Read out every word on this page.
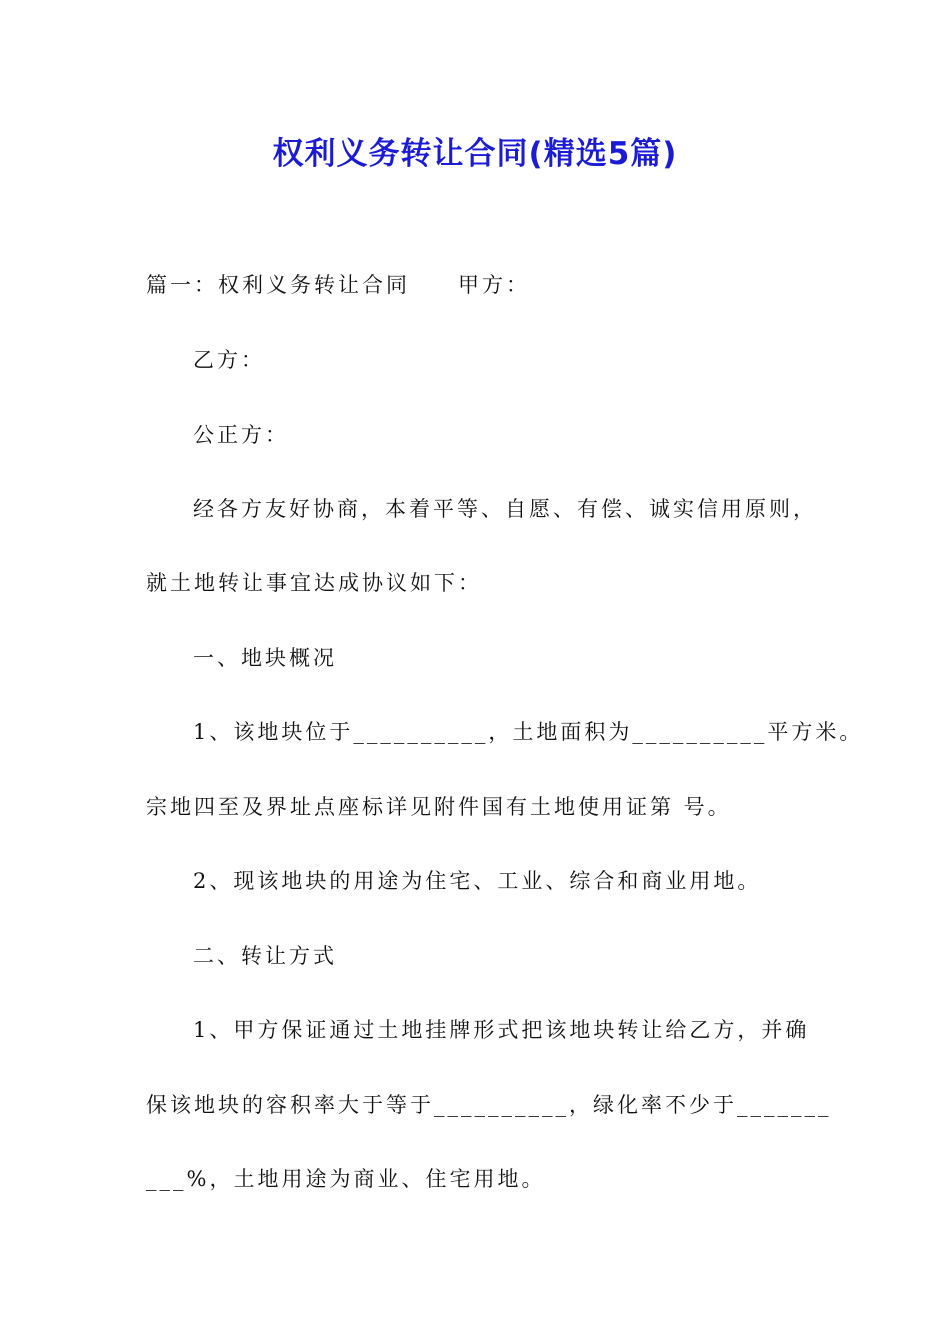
权利义务转让合同(精选5篇)
篇一：权利义务转让合同 甲方：
乙方：
公正方：
经各方友好协商，本着平等、自愿、有偿、诚实信用原则，
就土地转让事宜达成协议如下：
一、地块概况
1、该地块位于__________，土地面积为__________平方米。
宗地四至及界址点座标详见附件国有土地使用证第 号。
2、现该地块的用途为住宅、工业、综合和商业用地。
二、转让方式
1、甲方保证通过土地挂牌形式把该地块转让给乙方，并确
保该地块的容积率大于等于__________，绿化率不少于_______
___%，土地用途为商业、住宅用地。
